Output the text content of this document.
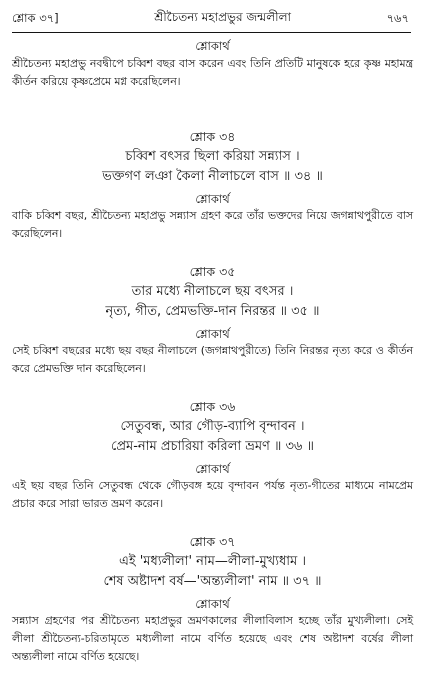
শ্লোক ৩৭]	শ্রীচৈতন্য মহাপ্রভুর জন্মলীলা	৭৬৭
শ্লোকার্থ
শ্রীচৈতন্য মহাপ্রভু নবদ্বীপে চব্বিশ বছর বাস করেন এবং তিনি প্রতিটি মানুষকে হরে কৃষ্ণ মহামন্ত্র কীর্তন করিয়ে কৃষ্ণপ্রেমে মগ্ন করেছিলেন।
শ্লোক ৩৪
চব্বিশ বৎসর ছিলা করিয়া সন্ন্যাস ।
ভক্তগণ লঞা কৈলা নীলাচলে বাস ॥ ৩৪ ॥
শ্লোকার্থ
বাকি চব্বিশ বছর, শ্রীচৈতন্য মহাপ্রভু সন্ন্যাস গ্রহণ করে তাঁর ভক্তদের নিয়ে জগন্নাথপুরীতে বাস করেছিলেন।
শ্লোক ৩৫
তার মধ্যে নীলাচলে ছয় বৎসর ।
নৃত্য, গীত, প্রেমভক্তি-দান নিরন্তর ॥ ৩৫ ॥
শ্লোকার্থ
সেই চব্বিশ বছরের মধ্যে ছয় বছর নীলাচলে (জগন্নাথপুরীতে) তিনি নিরন্তর নৃত্য করে ও কীর্তন করে প্রেমভক্তি দান করেছিলেন।
শ্লোক ৩৬
সেতুবন্ধ, আর গৌড়-ব্যাপি বৃন্দাবন ।
প্রেম-নাম প্রচারিয়া করিলা ভ্রমণ ॥ ৩৬ ॥
শ্লোকার্থ
এই ছয় বছর তিনি সেতুবন্ধ থেকে গৌড়বঙ্গ হয়ে বৃন্দাবন পর্যন্ত নৃত্য-গীতের মাধ্যমে নামপ্রেম প্রচার করে সারা ভারত ভ্রমণ করেন।
শ্লোক ৩৭
এই 'মধ্যলীলা' নাম—লীলা-মুখ্যধাম ।
শেষ অষ্টাদশ বর্ষ—'অন্ত্যলীলা' নাম ॥ ৩৭ ॥
শ্লোকার্থ
সন্ন্যাস গ্রহণের পর শ্রীচৈতন্য মহাপ্রভুর ভ্রমণকালের লীলাবিলাস হচ্ছে তাঁর মুখ্যলীলা। সেই লীলা শ্রীচৈতন্য-চরিতামৃতে মধ্যলীলা নামে বর্ণিত হয়েছে এবং শেষ অষ্টাদশ বর্ষের লীলা অন্ত্যলীলা নামে বর্ণিত হয়েছে।
